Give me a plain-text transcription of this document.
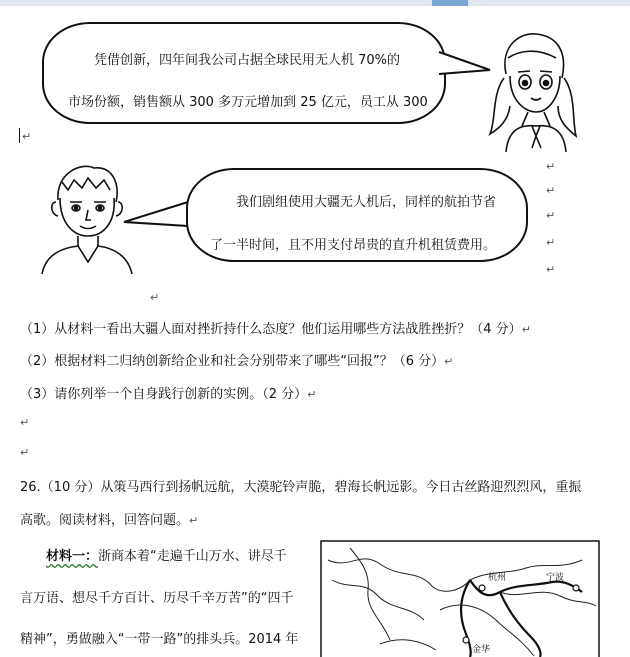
凭借创新，四年间我公司占据全球民用无人机 70%的
市场份额，销售额从 300 多万元增加到 25 亿元，员工从 300
我们剧组使用大疆无人机后，同样的航拍节省
了一半时间，且不用支付昂贵的直升机租赁费用。
↵
↵
↵
↵
↵
↵
↵
（1）从材料一看出大疆人面对挫折持什么态度？他们运用哪些方法战胜挫折？（4 分）↵
（2）根据材料二归纳创新给企业和社会分别带来了哪些“回报”？（6 分）↵
（3）请你列举一个自身践行创新的实例。（2 分）↵
↵
↵
26.（10 分）从策马西行到扬帆远航，大漠驼铃声脆，碧海长帆远影。今日古丝路迎烈烈风，重振
高歌。阅读材料，回答问题。↵
材料一：浙商本着“走遍千山万水、讲尽千
言万语、想尽千方百计、历尽千辛万苦”的“四千
精神”，勇做融入“一带一路”的排头兵。2014 年
杭州	宁波
金华
